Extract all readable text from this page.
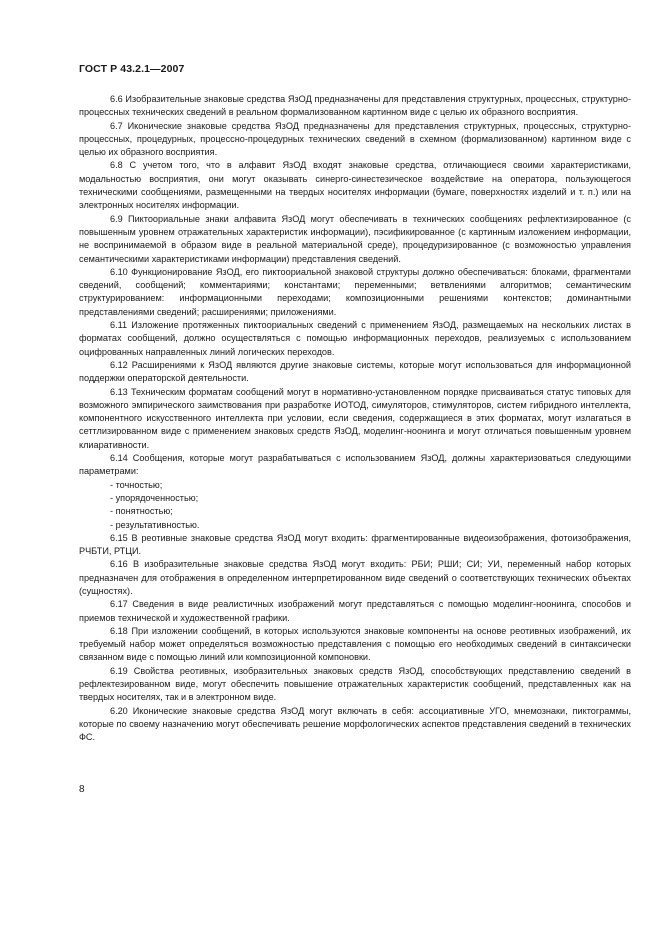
ГОСТ Р 43.2.1—2007

6.6 Изобразительные знаковые средства ЯзОД предназначены для представления структурных, процессных, структурно-процессных технических сведений в реальном формализованном картинном виде с целью их образного восприятия.

6.7 Иконические знаковые средства ЯзОД предназначены для представления структурных, процессных, структурно-процессных, процедурных, процессно-процедурных технических сведений в схемном (формализованном) картинном виде с целью их образного восприятия.

6.8 С учетом того, что в алфавит ЯзОД входят знаковые средства, отличающиеся своими характеристиками, модальностью восприятия, они могут оказывать синерго-синестезическое воздействие на оператора, пользующегося техническими сообщениями, размещенными на твердых носителях информации (бумаге, поверхностях изделий и т. п.) или на электронных носителях информации.

6.9 Пиктоориальные знаки алфавита ЯзОД могут обеспечивать в технических сообщениях рефлектизированное (с повышенным уровнем отражательных характеристик информации), пэсификированное (с картинным изложением информации, не воспринимаемой в образом виде в реальной материальной среде), процедуризированное (с возможностью управления семантическими характеристиками информации) представления сведений.

6.10 Функционирование ЯзОД, его пиктоориальной знаковой структуры должно обеспечиваться: блоками, фрагментами сведений, сообщений; комментариями; константами; переменными; ветвлениями алгоритмов; семантическим структурированием: информационными переходами; композиционными решениями контекстов; доминантными представлениями сведений; расширениями; приложениями.

6.11 Изложение протяженных пиктоориальных сведений с применением ЯзОД, размещаемых на нескольких листах в форматах сообщений, должно осуществляться с помощью информационных переходов, реализуемых с использованием оцифрованных направленных линий логических переходов.

6.12 Расширениями к ЯзОД являются другие знаковые системы, которые могут использоваться для информационной поддержки операторской деятельности.

6.13 Техническим форматам сообщений могут в нормативно-установленном порядке присваиваться статус типовых для возможного эмпирического заимствования при разработке ИОТОД, симуляторов, стимуляторов, систем гибридного интеллекта, компонентного искусственного интеллекта при условии, если сведения, содержащиеся в этих форматах, могут излагаться в сеттлизированном виде с применением знаковых средств ЯзОД, моделинг-ноонинга и могут отличаться повышенным уровнем клиаративности.

6.14 Сообщения, которые могут разрабатываться с использованием ЯзОД, должны характеризоваться следующими параметрами:

- точностью;

- упорядоченностью;

- понятностью;

- результативностью.

6.15 В реотивные знаковые средства ЯзОД могут входить: фрагментированные видеоизображения, фотоизображения, РЧБТИ, РТЦИ.

6.16 В изобразительные знаковые средства ЯзОД могут входить: РБИ; РШИ; СИ; УИ, переменный набор которых предназначен для отображения в определенном интерпретированном виде сведений о соответствующих технических объектах (сущностях).

6.17 Сведения в виде реалистичных изображений могут представляться с помощью моделинг-ноонинга, способов и приемов технической и художественной графики.

6.18 При изложении сообщений, в которых используются знаковые компоненты на основе реотивных изображений, их требуемый набор может определяться возможностью представления с помощью его необходимых сведений в синтаксически связанном виде с помощью линий или композиционной компоновки.

6.19 Свойства реотивных, изобразительных знаковых средств ЯзОД, способствующих представлению сведений в рефлектезированном виде, могут обеспечить повышение отражательных характеристик сообщений, представленных как на твердых носителях, так и в электронном виде.

6.20 Иконические знаковые средства ЯзОД могут включать в себя: ассоциативные УГО, мнемознаки, пиктограммы, которые по своему назначению могут обеспечивать решение морфологических аспектов представления сведений в технических ФС.

8
